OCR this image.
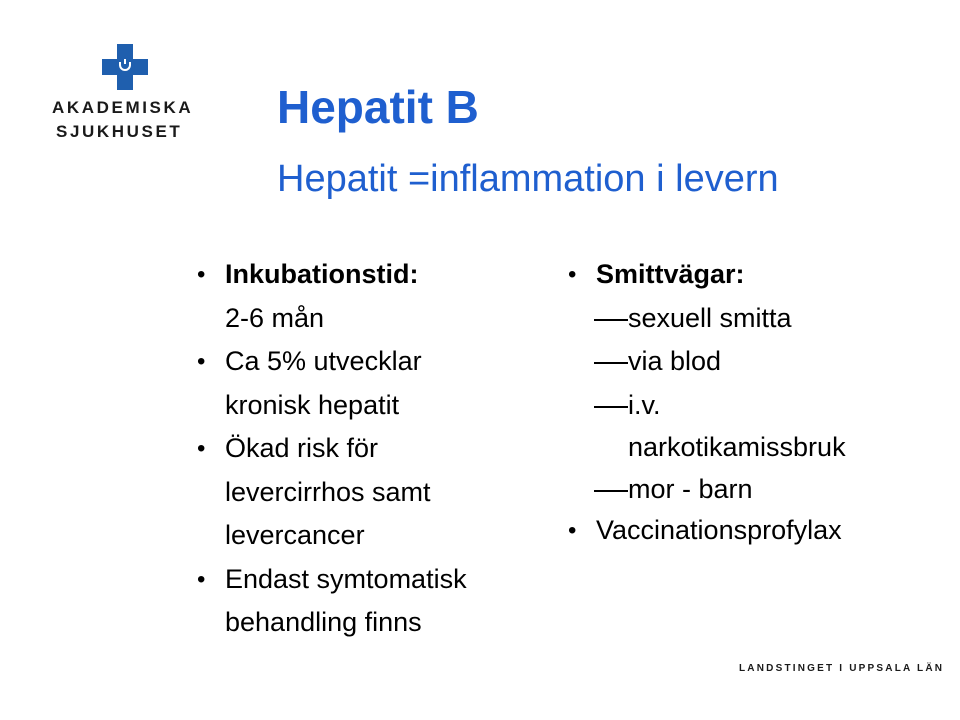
AKADEMISKA
SJUKHUSET Hepatit B
Hepatit =inflammation i levern
• Inkubationstid:
2-6 mån
• Ca 5% utvecklar
kronisk hepatit
• Ökad risk för
levercirrhos samt
levercancer
• Endast symtomatisk
behandling finns
• Smittvägar:
sexuell smitta
via blod
i.v.
narkotikamissbruk
mor - barn
• Vaccinationsprofylax
LANDSTINGET I UPPSALA LÄN
